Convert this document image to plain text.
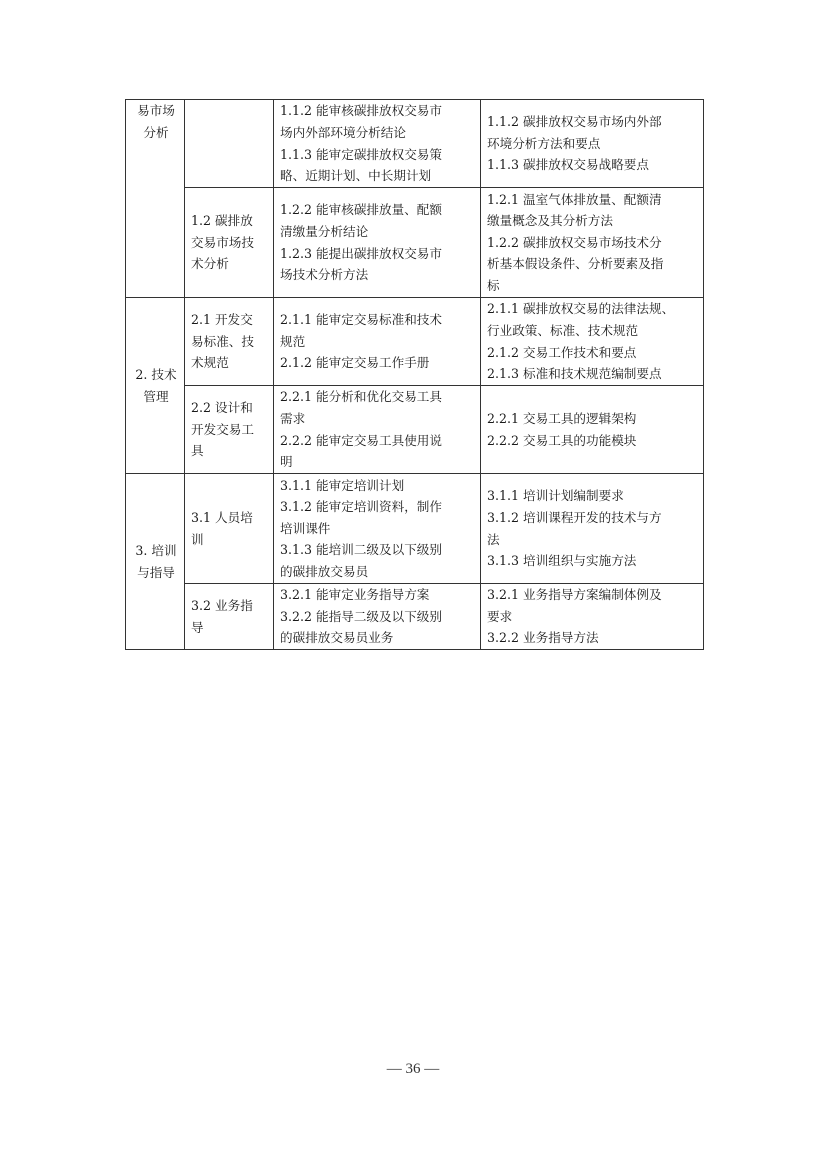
易市场
分析		1.1.2 能审核碳排放权交易市
场内外部环境分析结论
1.1.3 能审定碳排放权交易策
略、近期计划、中长期计划	1.1.2 碳排放权交易市场内外部
环境分析方法和要点
1.1.3 碳排放权交易战略要点

	1.2 碳排放
交易市场技
术分析	1.2.2 能审核碳排放量、配额
清缴量分析结论
1.2.3 能提出碳排放权交易市
场技术分析方法	1.2.1 温室气体排放量、配额清
缴量概念及其分析方法
1.2.2 碳排放权交易市场技术分
析基本假设条件、分析要素及指
标

2. 技术
管理	2.1 开发交
易标准、技
术规范	2.1.1 能审定交易标准和技术
规范
2.1.2 能审定交易工作手册	2.1.1 碳排放权交易的法律法规、
行业政策、标准、技术规范
2.1.2 交易工作技术和要点
2.1.3 标准和技术规范编制要点

	2.2 设计和
开发交易工
具	2.2.1 能分析和优化交易工具
需求
2.2.2 能审定交易工具使用说
明	2.2.1 交易工具的逻辑架构
2.2.2 交易工具的功能模块

3. 培训
与指导	3.1 人员培
训	3.1.1 能审定培训计划
3.1.2 能审定培训资料，制作
培训课件
3.1.3 能培训二级及以下级别
的碳排放交易员	3.1.1 培训计划编制要求
3.1.2 培训课程开发的技术与方
法
3.1.3 培训组织与实施方法

	3.2 业务指
导	3.2.1 能审定业务指导方案
3.2.2 能指导二级及以下级别
的碳排放交易员业务	3.2.1 业务指导方案编制体例及
要求
3.2.2 业务指导方法
— 36 —
